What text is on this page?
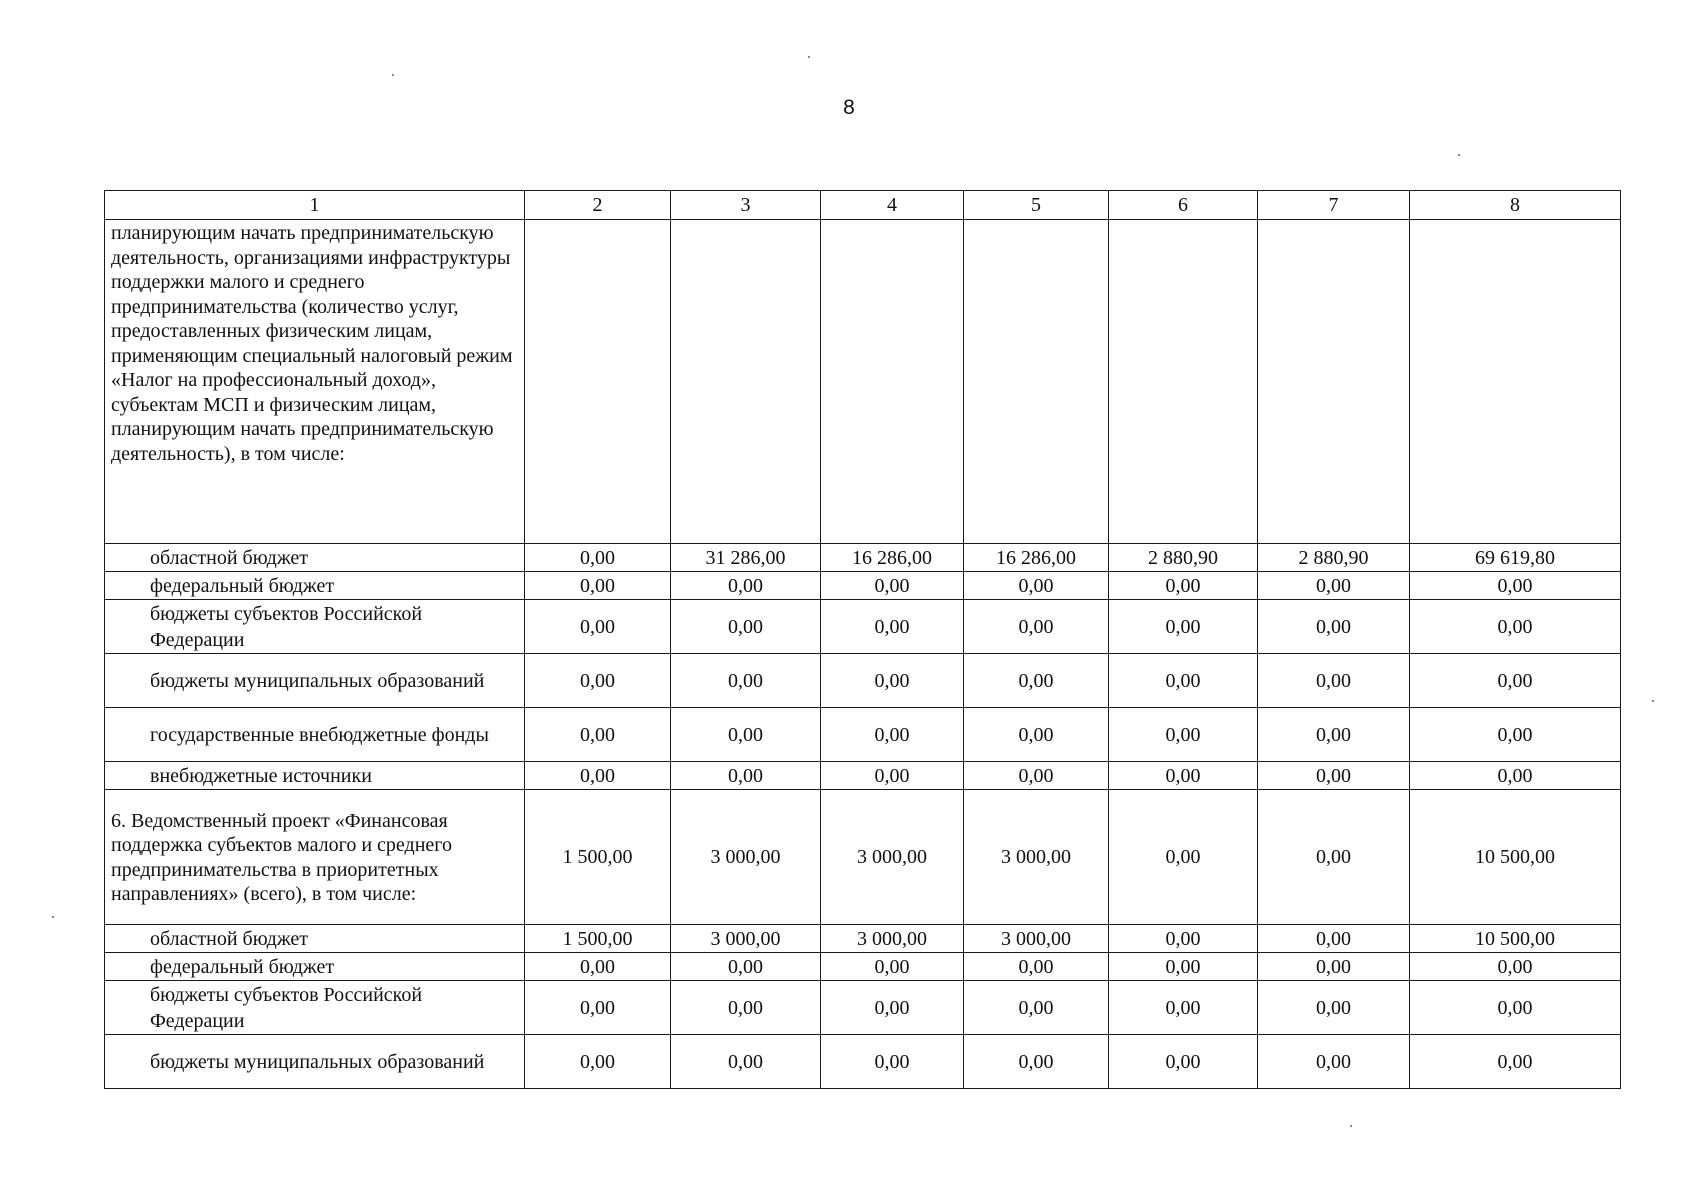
8
1	2	3	4	5	6	7	8
планирующим начать предпринимательскую деятельность, организациями инфраструктуры поддержки малого и среднего предпринимательства (количество услуг, предоставленных физическим лицам, применяющим специальный налоговый режим «Налог на профессиональный доход», субъектам МСП и физическим лицам, планирующим начать предпринимательскую деятельность), в том числе:							
областной бюджет	0,00	31 286,00	16 286,00	16 286,00	2 880,90	2 880,90	69 619,80
федеральный бюджет	0,00	0,00	0,00	0,00	0,00	0,00	0,00
бюджеты субъектов Российской Федерации	0,00	0,00	0,00	0,00	0,00	0,00	0,00
бюджеты муниципальных образований	0,00	0,00	0,00	0,00	0,00	0,00	0,00
государственные внебюджетные фонды	0,00	0,00	0,00	0,00	0,00	0,00	0,00
внебюджетные источники	0,00	0,00	0,00	0,00	0,00	0,00	0,00
6. Ведомственный проект «Финансовая поддержка субъектов малого и среднего предпринимательства в приоритетных направлениях» (всего), в том числе:	1 500,00	3 000,00	3 000,00	3 000,00	0,00	0,00	10 500,00
областной бюджет	1 500,00	3 000,00	3 000,00	3 000,00	0,00	0,00	10 500,00
федеральный бюджет	0,00	0,00	0,00	0,00	0,00	0,00	0,00
бюджеты субъектов Российской Федерации	0,00	0,00	0,00	0,00	0,00	0,00	0,00
бюджеты муниципальных образований	0,00	0,00	0,00	0,00	0,00	0,00	0,00
